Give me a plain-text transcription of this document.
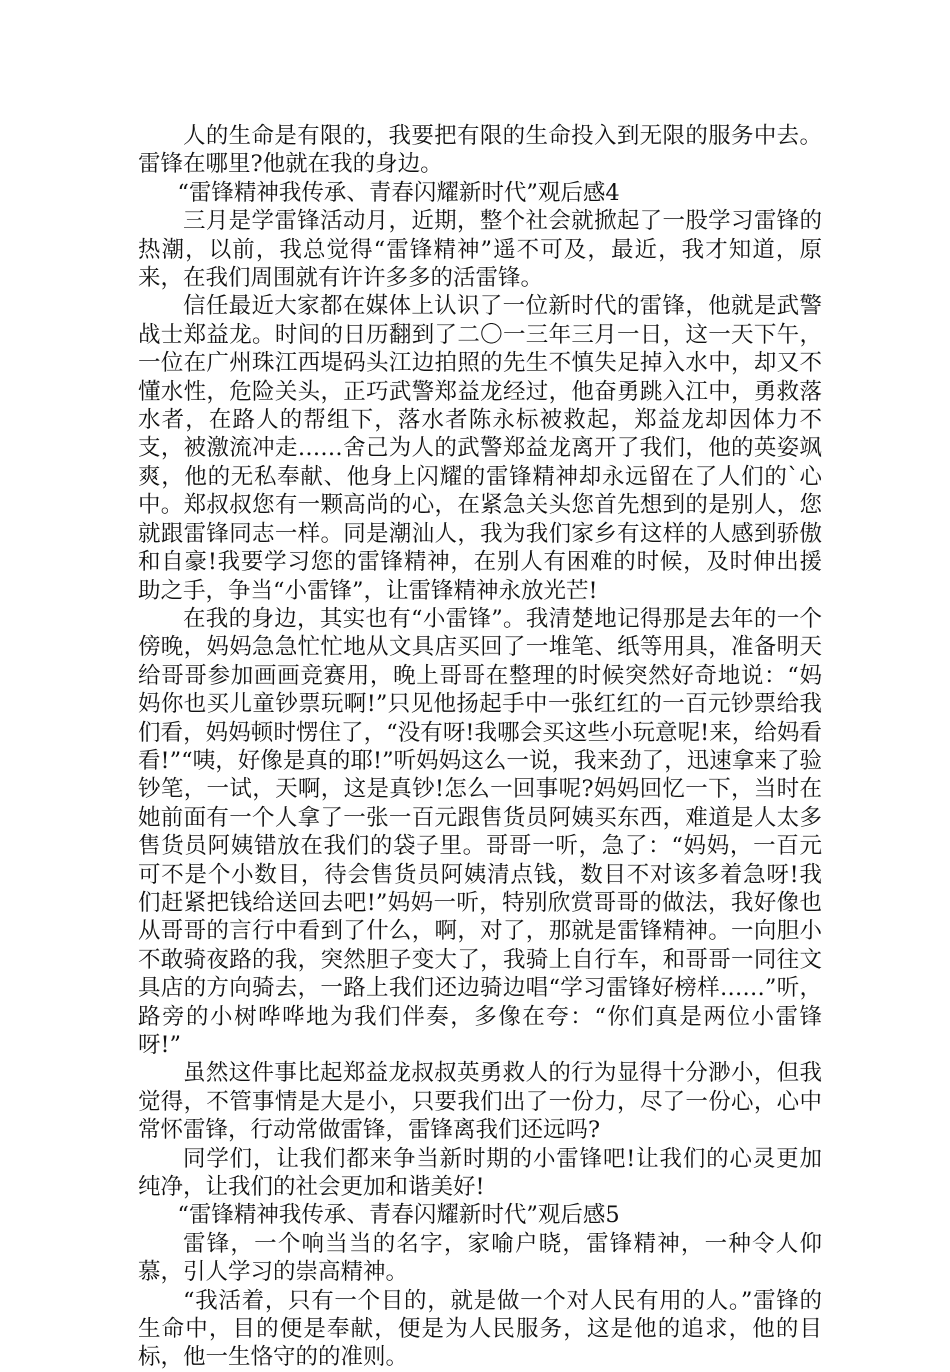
人的生命是有限的，我要把有限的生命投入到无限的服务中去。雷锋在哪里?他就在我的身边。

“雷锋精神我传承、青春闪耀新时代”观后感4

三月是学雷锋活动月，近期，整个社会就掀起了一股学习雷锋的热潮，以前，我总觉得“雷锋精神”遥不可及，最近，我才知道，原来，在我们周围就有许许多多的活雷锋。

信任最近大家都在媒体上认识了一位新时代的雷锋，他就是武警战士郑益龙。时间的日历翻到了二〇一三年三月一日，这一天下午，一位在广州珠江西堤码头江边拍照的先生不慎失足掉入水中，却又不懂水性，危险关头，正巧武警郑益龙经过，他奋勇跳入江中，勇救落水者，在路人的帮组下，落水者陈永标被救起，郑益龙却因体力不支，被激流冲走……舍己为人的武警郑益龙离开了我们，他的英姿飒爽，他的无私奉献、他身上闪耀的雷锋精神却永远留在了人们的`心中。郑叔叔您有一颗高尚的心，在紧急关头您首先想到的是别人，您就跟雷锋同志一样。同是潮汕人，我为我们家乡有这样的人感到骄傲和自豪!我要学习您的雷锋精神，在别人有困难的时候，及时伸出援助之手，争当“小雷锋”，让雷锋精神永放光芒!

在我的身边，其实也有“小雷锋”。我清楚地记得那是去年的一个傍晚，妈妈急急忙忙地从文具店买回了一堆笔、纸等用具，准备明天给哥哥参加画画竞赛用，晚上哥哥在整理的时候突然好奇地说：“妈妈你也买儿童钞票玩啊!”只见他扬起手中一张红红的一百元钞票给我们看，妈妈顿时愣住了，“没有呀!我哪会买这些小玩意呢!来，给妈看看!”“咦，好像是真的耶!”听妈妈这么一说，我来劲了，迅速拿来了验钞笔，一试，天啊，这是真钞!怎么一回事呢?妈妈回忆一下，当时在她前面有一个人拿了一张一百元跟售货员阿姨买东西，难道是人太多售货员阿姨错放在我们的袋子里。哥哥一听，急了：“妈妈，一百元可不是个小数目，待会售货员阿姨清点钱，数目不对该多着急呀!我们赶紧把钱给送回去吧!”妈妈一听，特别欣赏哥哥的做法，我好像也从哥哥的言行中看到了什么，啊，对了，那就是雷锋精神。一向胆小不敢骑夜路的我，突然胆子变大了，我骑上自行车，和哥哥一同往文具店的方向骑去，一路上我们还边骑边唱“学习雷锋好榜样……”听，路旁的小树哗哗地为我们伴奏，多像在夸：“你们真是两位小雷锋呀!”

虽然这件事比起郑益龙叔叔英勇救人的行为显得十分渺小，但我觉得，不管事情是大是小，只要我们出了一份力，尽了一份心，心中常怀雷锋，行动常做雷锋，雷锋离我们还远吗?

同学们，让我们都来争当新时期的小雷锋吧!让我们的心灵更加纯净，让我们的社会更加和谐美好!

“雷锋精神我传承、青春闪耀新时代”观后感5

雷锋，一个响当当的名字，家喻户晓，雷锋精神，一种令人仰慕，引人学习的崇高精神。

“我活着，只有一个目的，就是做一个对人民有用的人。”雷锋的生命中，目的便是奉献，便是为人民服务，这是他的追求，他的目标，他一生恪守的的准则。
